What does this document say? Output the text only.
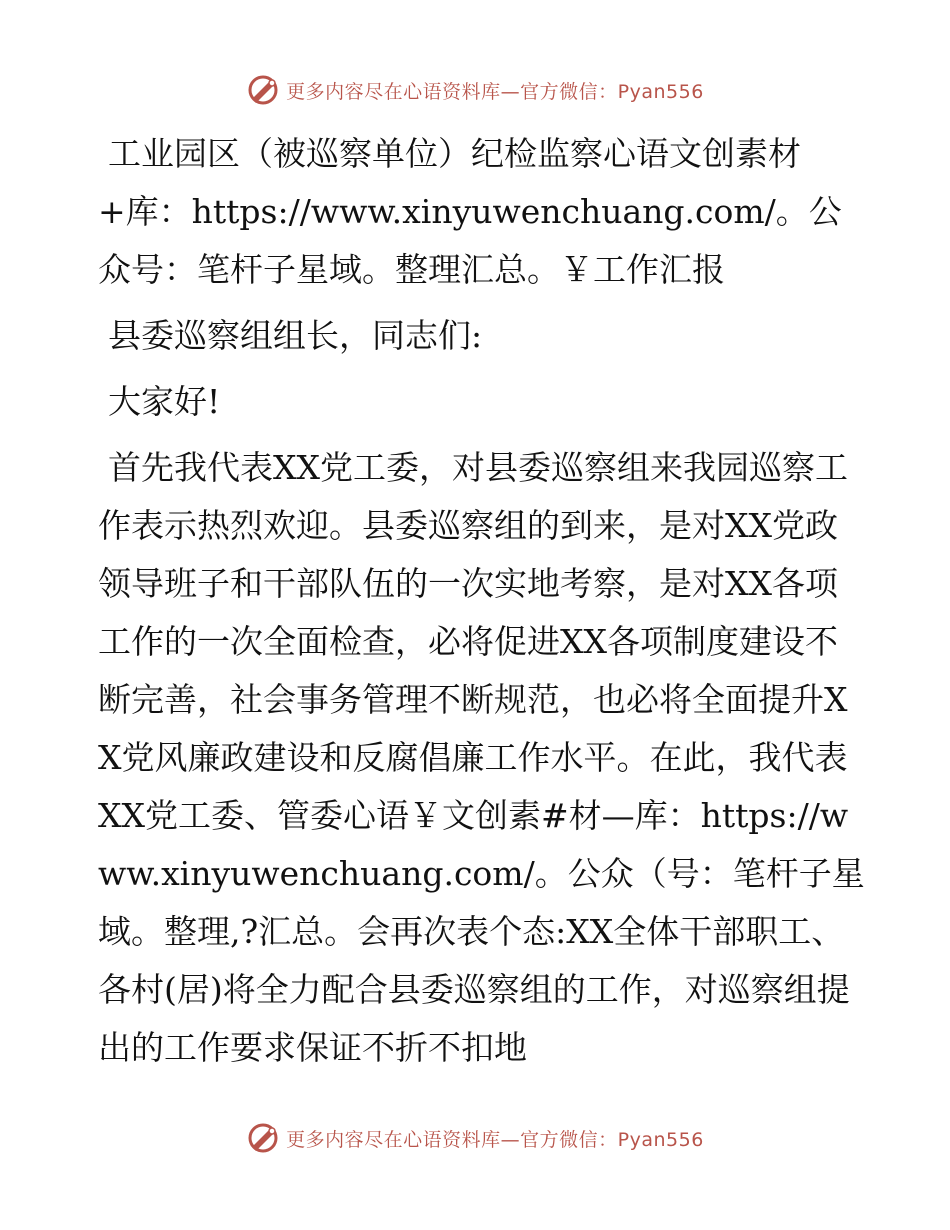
更多内容尽在心语资料库—官方微信：Pyan556

工业园区（被巡察单位）纪检监察心语文创素材+库：https://www.xinyuwenchuang.com/。公众号：笔杆子星域。整理汇总。￥工作汇报

县委巡察组组长，同志们:

大家好!

首先我代表XX党工委，对县委巡察组来我园巡察工作表示热烈欢迎。县委巡察组的到来，是对XX党政领导班子和干部队伍的一次实地考察，是对XX各项工作的一次全面检查，必将促进XX各项制度建设不断完善，社会事务管理不断规范，也必将全面提升XX党风廉政建设和反腐倡廉工作水平。在此，我代表XX党工委、管委心语￥文创素#材—库：https://www.xinyuwenchuang.com/。公众（号：笔杆子星域。整理,?汇总。会再次表个态:XX全体干部职工、各村(居)将全力配合县委巡察组的工作，对巡察组提出的工作要求保证不折不扣地

更多内容尽在心语资料库—官方微信：Pyan556
